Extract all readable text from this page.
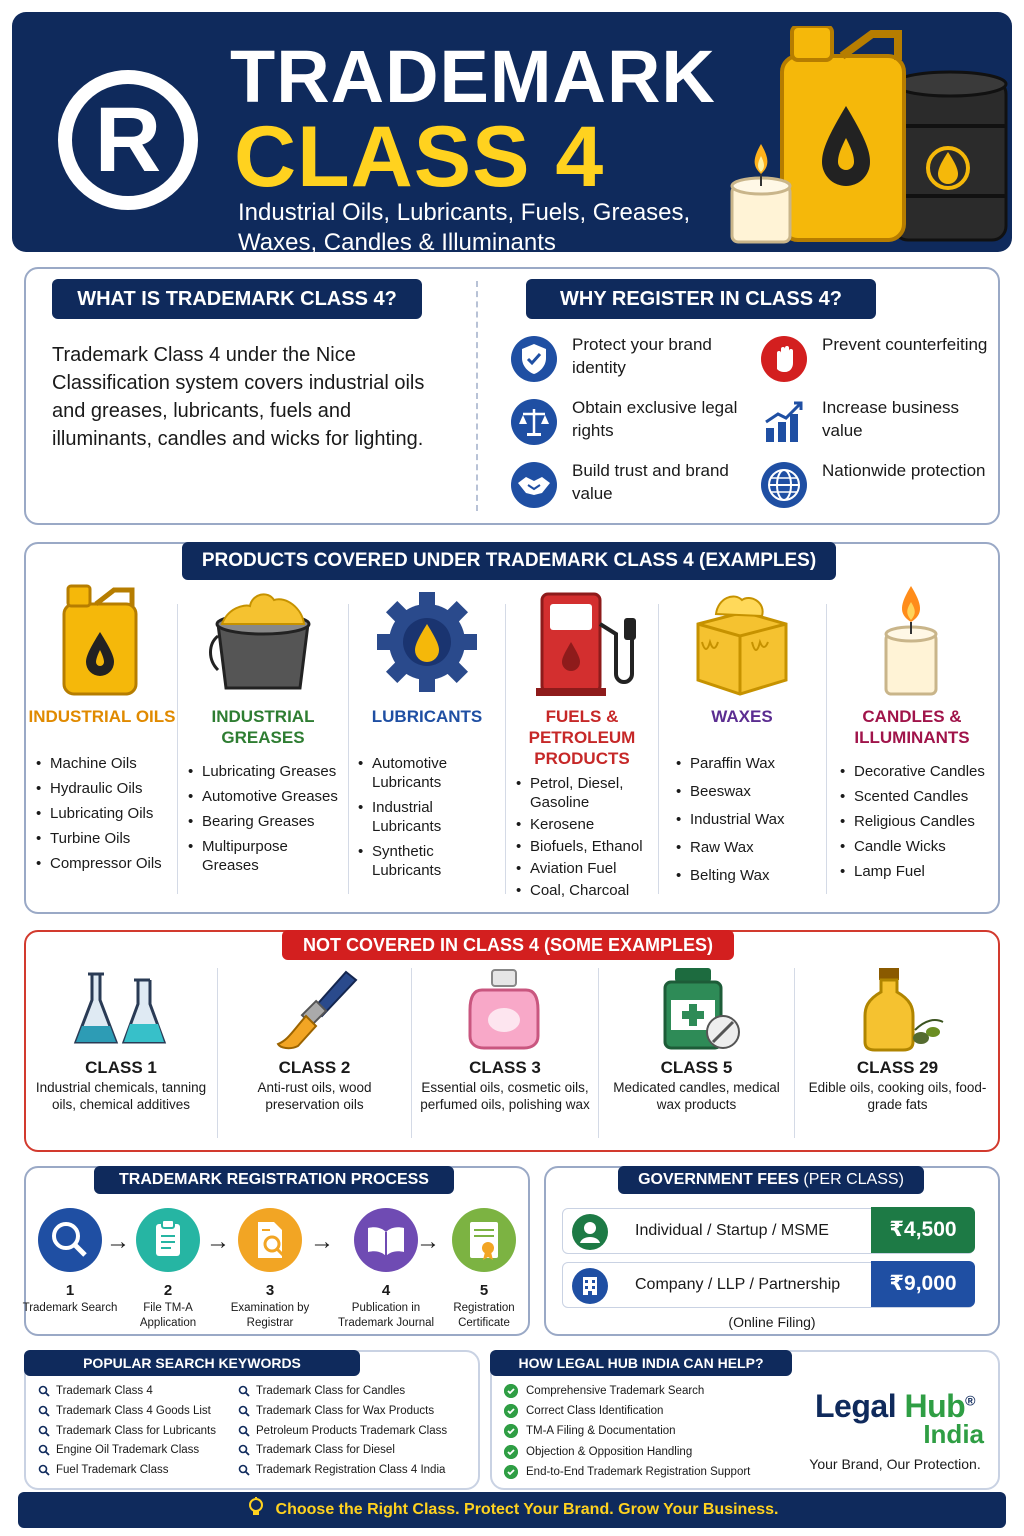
R
TRADEMARK
CLASS 4
Industrial Oils, Lubricants, Fuels, Greases, Waxes, Candles & Illuminants
WHAT IS TRADEMARK CLASS 4?
Trademark Class 4 under the Nice Classification system covers industrial oils and greases, lubricants, fuels and illuminants, candles and wicks for lighting.
WHY REGISTER IN CLASS 4?
Protect your brand identity
Prevent counterfeiting
Obtain exclusive legal rights
Increase business value
Build trust and brand value
Nationwide protection
PRODUCTS COVERED UNDER TRADEMARK CLASS 4 (EXAMPLES)
INDUSTRIAL OILS
• Machine Oils
• Hydraulic Oils
• Lubricating Oils
• Turbine Oils
• Compressor Oils
INDUSTRIAL GREASES
• Lubricating Greases
• Automotive Greases
• Bearing Greases
• Multipurpose Greases
LUBRICANTS
• Automotive Lubricants
• Industrial Lubricants
• Synthetic Lubricants
FUELS & PETROLEUM PRODUCTS
• Petrol, Diesel, Gasoline
• Kerosene
• Biofuels, Ethanol
• Aviation Fuel
• Coal, Charcoal
WAXES
• Paraffin Wax
• Beeswax
• Industrial Wax
• Raw Wax
• Belting Wax
CANDLES & ILLUMINANTS
• Decorative Candles
• Scented Candles
• Religious Candles
• Candle Wicks
• Lamp Fuel
NOT COVERED IN CLASS 4 (SOME EXAMPLES)
CLASS 1
Industrial chemicals, tanning oils, chemical additives
CLASS 2
Anti-rust oils, wood preservation oils
CLASS 3
Essential oils, cosmetic oils, perfumed oils, polishing wax
CLASS 5
Medicated candles, medical wax products
CLASS 29
Edible oils, cooking oils, food-grade fats
TRADEMARK REGISTRATION PROCESS
1
Trademark Search
→
2
File TM-A Application
→
3
Examination by Registrar
→
4
Publication in Trademark Journal
→
5
Registration Certificate
GOVERNMENT FEES (PER CLASS)
Individual / Startup / MSME	₹4,500
Company / LLP / Partnership	₹9,000
(Online Filing)
POPULAR SEARCH KEYWORDS
Trademark Class 4
Trademark Class 4 Goods List
Trademark Class for Lubricants
Engine Oil Trademark Class
Fuel Trademark Class
Trademark Class for Candles
Trademark Class for Wax Products
Petroleum Products Trademark Class
Trademark Class for Diesel
Trademark Registration Class 4 India
HOW LEGAL HUB INDIA CAN HELP?
Comprehensive Trademark Search
Correct Class Identification
TM-A Filing & Documentation
Objection & Opposition Handling
End-to-End Trademark Registration Support
Legal Hub®
India
Your Brand, Our Protection.
Choose the Right Class. Protect Your Brand. Grow Your Business.
